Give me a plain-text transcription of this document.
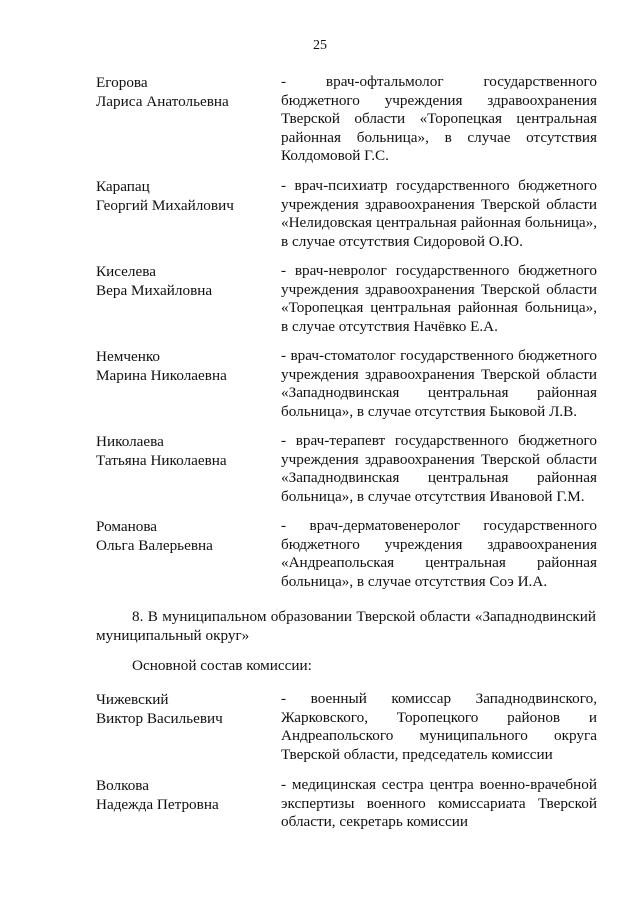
25
Егорова
Лариса Анатольевна

- врач-офтальмолог государственного

бюджетного учреждения здравоохранения

Тверской области «Торопецкая центральная

районная больница», в случае отсутствия

Колдомовой Г.С.

Карапац
Георгий Михайлович

- врач-психиатр государственного бюджетного

учреждения здравоохранения Тверской области

«Нелидовская центральная районная больница»,

в случае отсутствия Сидоровой О.Ю.

Киселева
Вера Михайловна

- врач-невролог государственного бюджетного

учреждения здравоохранения Тверской области

«Торопецкая центральная районная больница»,

в случае отсутствия Начёвко Е.А.

Немченко
Марина Николаевна

- врач-стоматолог государственного бюджетного

учреждения здравоохранения Тверской области

«Западнодвинская центральная районная

больница», в случае отсутствия Быковой Л.В.

Николаева
Татьяна Николаевна

- врач-терапевт государственного бюджетного

учреждения здравоохранения Тверской области

«Западнодвинская центральная районная

больница», в случае отсутствия Ивановой Г.М.

Романова
Ольга Валерьевна

- врач-дерматовенеролог государственного

бюджетного учреждения здравоохранения

«Андреапольская центральная районная

больница», в случае отсутствия Соэ И.А.

8. В муниципальном образовании Тверской области «Западнодвинский муниципальный округ»
Основной состав комиссии:
Чижевский
Виктор Васильевич

- военный комиссар Западнодвинского,

Жарковского, Торопецкого районов и

Андреапольского муниципального округа

Тверской области, председатель комиссии

Волкова
Надежда Петровна

- медицинская сестра центра военно-врачебной

экспертизы военного комиссариата Тверской

области, секретарь комиссии
